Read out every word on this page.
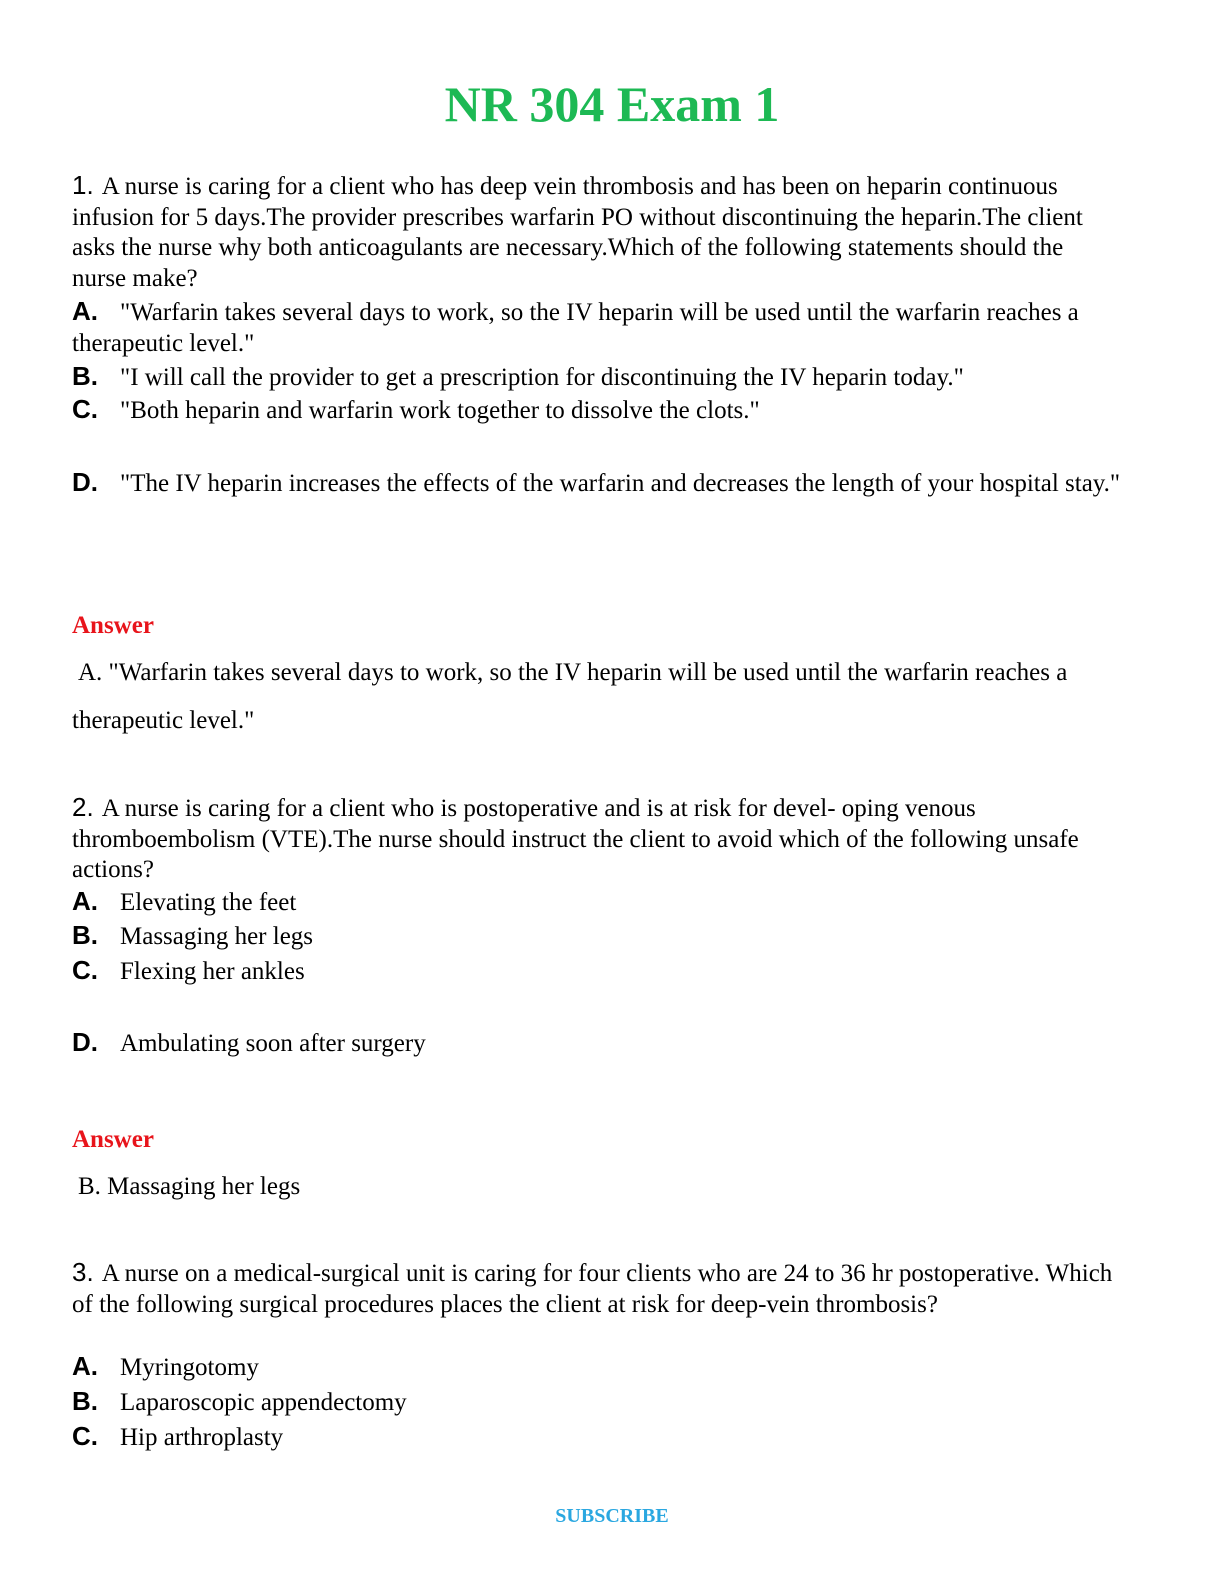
NR 304 Exam 1
1. A nurse is caring for a client who has deep vein thrombosis and has been on heparin continuous infusion for 5 days.The provider prescribes warfarin PO without discontinuing the heparin.The client asks the nurse why both anticoagulants are necessary.Which of the following statements should the nurse make?
A. "Warfarin takes several days to work, so the IV heparin will be used until the warfarin reaches a therapeutic level."
B. "I will call the provider to get a prescription for discontinuing the IV heparin today."
C. "Both heparin and warfarin work together to dissolve the clots."
D. "The IV heparin increases the effects of the warfarin and decreases the length of your hospital stay."
Answer
A. "Warfarin takes several days to work, so the IV heparin will be used until the warfarin reaches a therapeutic level."
2. A nurse is caring for a client who is postoperative and is at risk for devel- oping venous thromboembolism (VTE).The nurse should instruct the client to avoid which of the following unsafe actions?
A. Elevating the feet
B. Massaging her legs
C. Flexing her ankles
D. Ambulating soon after surgery
Answer
B. Massaging her legs
3. A nurse on a medical-surgical unit is caring for four clients who are 24 to 36 hr postoperative. Which of the following surgical procedures places the client at risk for deep-vein thrombosis?
A. Myringotomy
B. Laparoscopic appendectomy
C. Hip arthroplasty
SUBSCRIBE
